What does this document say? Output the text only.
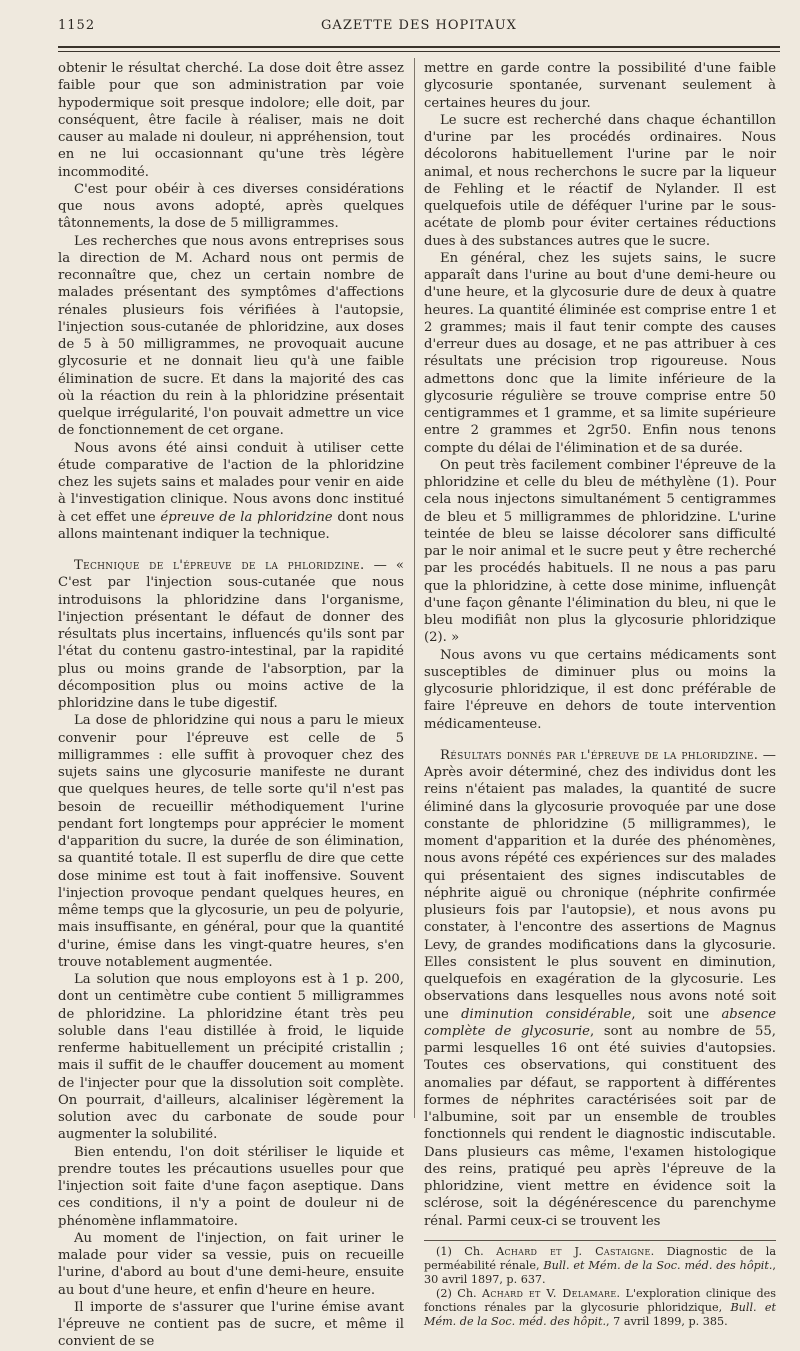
1152	GAZETTE DES HOPITAUX

obtenir le résultat cherché. La dose doit être assez faible pour que son administration par voie hypodermique soit presque indolore; elle doit, par conséquent, être facile à réaliser, mais ne doit causer au malade ni douleur, ni appréhension, tout en ne lui occasionnant qu'une très légère incommodité.

C'est pour obéir à ces diverses considérations que nous avons adopté, après quelques tâtonnements, la dose de 5 milligrammes.

Les recherches que nous avons entreprises sous la direction de M. Achard nous ont permis de reconnaître que, chez un certain nombre de malades présentant des symptômes d'affections rénales plusieurs fois vérifiées à l'autopsie, l'injection sous-cutanée de phloridzine, aux doses de 5 à 50 milligrammes, ne provoquait aucune glycosurie et ne donnait lieu qu'à une faible élimination de sucre. Et dans la majorité des cas où la réaction du rein à la phloridzine présentait quelque irrégularité, l'on pouvait admettre un vice de fonctionnement de cet organe.

Nous avons été ainsi conduit à utiliser cette étude comparative de l'action de la phloridzine chez les sujets sains et malades pour venir en aide à l'investigation clinique. Nous avons donc institué à cet effet une épreuve de la phloridzine dont nous allons maintenant indiquer la technique.

Technique de l'épreuve de la phloridzine. — « C'est par l'injection sous-cutanée que nous introduisons la phloridzine dans l'organisme, l'injection présentant le défaut de donner des résultats plus incertains, influencés qu'ils sont par l'état du contenu gastro-intestinal, par la rapidité plus ou moins grande de l'absorption, par la décomposition plus ou moins active de la phloridzine dans le tube digestif.

La dose de phloridzine qui nous a paru le mieux convenir pour l'épreuve est celle de 5 milligrammes : elle suffit à provoquer chez des sujets sains une glycosurie manifeste ne durant que quelques heures, de telle sorte qu'il n'est pas besoin de recueillir méthodiquement l'urine pendant fort longtemps pour apprécier le moment d'apparition du sucre, la durée de son élimination, sa quantité totale. Il est superflu de dire que cette dose minime est tout à fait inoffensive. Souvent l'injection provoque pendant quelques heures, en même temps que la glycosurie, un peu de polyurie, mais insuffisante, en général, pour que la quantité d'urine, émise dans les vingt-quatre heures, s'en trouve notablement augmentée.

La solution que nous employons est à 1 p. 200, dont un centimètre cube contient 5 milligrammes de phloridzine. La phloridzine étant très peu soluble dans l'eau distillée à froid, le liquide renferme habituellement un précipité cristallin ; mais il suffit de le chauffer doucement au moment de l'injecter pour que la dissolution soit complète. On pourrait, d'ailleurs, alcaliniser légèrement la solution avec du carbonate de soude pour augmenter la solubilité.

Bien entendu, l'on doit stériliser le liquide et prendre toutes les précautions usuelles pour que l'injection soit faite d'une façon aseptique. Dans ces conditions, il n'y a point de douleur ni de phénomène inflammatoire.

Au moment de l'injection, on fait uriner le malade pour vider sa vessie, puis on recueille l'urine, d'abord au bout d'une demi-heure, ensuite au bout d'une heure, et enfin d'heure en heure.

Il importe de s'assurer que l'urine émise avant l'épreuve ne contient pas de sucre, et même il convient de se

mettre en garde contre la possibilité d'une faible glycosurie spontanée, survenant seulement à certaines heures du jour.

Le sucre est recherché dans chaque échantillon d'urine par les procédés ordinaires. Nous décolorons habituellement l'urine par le noir animal, et nous recherchons le sucre par la liqueur de Fehling et le réactif de Nylander. Il est quelquefois utile de déféquer l'urine par le sous-acétate de plomb pour éviter certaines réductions dues à des substances autres que le sucre.

En général, chez les sujets sains, le sucre apparaît dans l'urine au bout d'une demi-heure ou d'une heure, et la glycosurie dure de deux à quatre heures. La quantité éliminée est comprise entre 1 et 2 grammes; mais il faut tenir compte des causes d'erreur dues au dosage, et ne pas attribuer à ces résultats une précision trop rigoureuse. Nous admettons donc que la limite inférieure de la glycosurie régulière se trouve comprise entre 50 centigrammes et 1 gramme, et sa limite supérieure entre 2 grammes et 2gr50. Enfin nous tenons compte du délai de l'élimination et de sa durée.

On peut très facilement combiner l'épreuve de la phloridzine et celle du bleu de méthylène (1). Pour cela nous injectons simultanément 5 centigrammes de bleu et 5 milligrammes de phloridzine. L'urine teintée de bleu se laisse décolorer sans difficulté par le noir animal et le sucre peut y être recherché par les procédés habituels. Il ne nous a pas paru que la phloridzine, à cette dose minime, influençât d'une façon gênante l'élimination du bleu, ni que le bleu modifiât non plus la glycosurie phloridzique (2). »

Nous avons vu que certains médicaments sont susceptibles de diminuer plus ou moins la glycosurie phloridzique, il est donc préférable de faire l'épreuve en dehors de toute intervention médicamenteuse.

Résultats donnés par l'épreuve de la phloridzine. — Après avoir déterminé, chez des individus dont les reins n'étaient pas malades, la quantité de sucre éliminé dans la glycosurie provoquée par une dose constante de phloridzine (5 milligrammes), le moment d'apparition et la durée des phénomènes, nous avons répété ces expériences sur des malades qui présentaient des signes indiscutables de néphrite aiguë ou chronique (néphrite confirmée plusieurs fois par l'autopsie), et nous avons pu constater, à l'encontre des assertions de Magnus Levy, de grandes modifications dans la glycosurie. Elles consistent le plus souvent en diminution, quelquefois en exagération de la glycosurie. Les observations dans lesquelles nous avons noté soit une diminution considérable, soit une absence complète de glycosurie, sont au nombre de 55, parmi lesquelles 16 ont été suivies d'autopsies. Toutes ces observations, qui constituent des anomalies par défaut, se rapportent à différentes formes de néphrites caractérisées soit par de l'albumine, soit par un ensemble de troubles fonctionnels qui rendent le diagnostic indiscutable. Dans plusieurs cas même, l'examen histologique des reins, pratiqué peu après l'épreuve de la phloridzine, vient mettre en évidence soit la sclérose, soit la dégénérescence du parenchyme rénal. Parmi ceux-ci se trouvent les

(1) Ch. Achard et J. Castaigne. Diagnostic de la perméabilité rénale, Bull. et Mém. de la Soc. méd. des hôpit., 30 avril 1897, p. 637.

(2) Ch. Achard et V. Delamare. L'exploration clinique des fonctions rénales par la glycosurie phloridzique, Bull. et Mém. de la Soc. méd. des hôpit., 7 avril 1899, p. 385.
